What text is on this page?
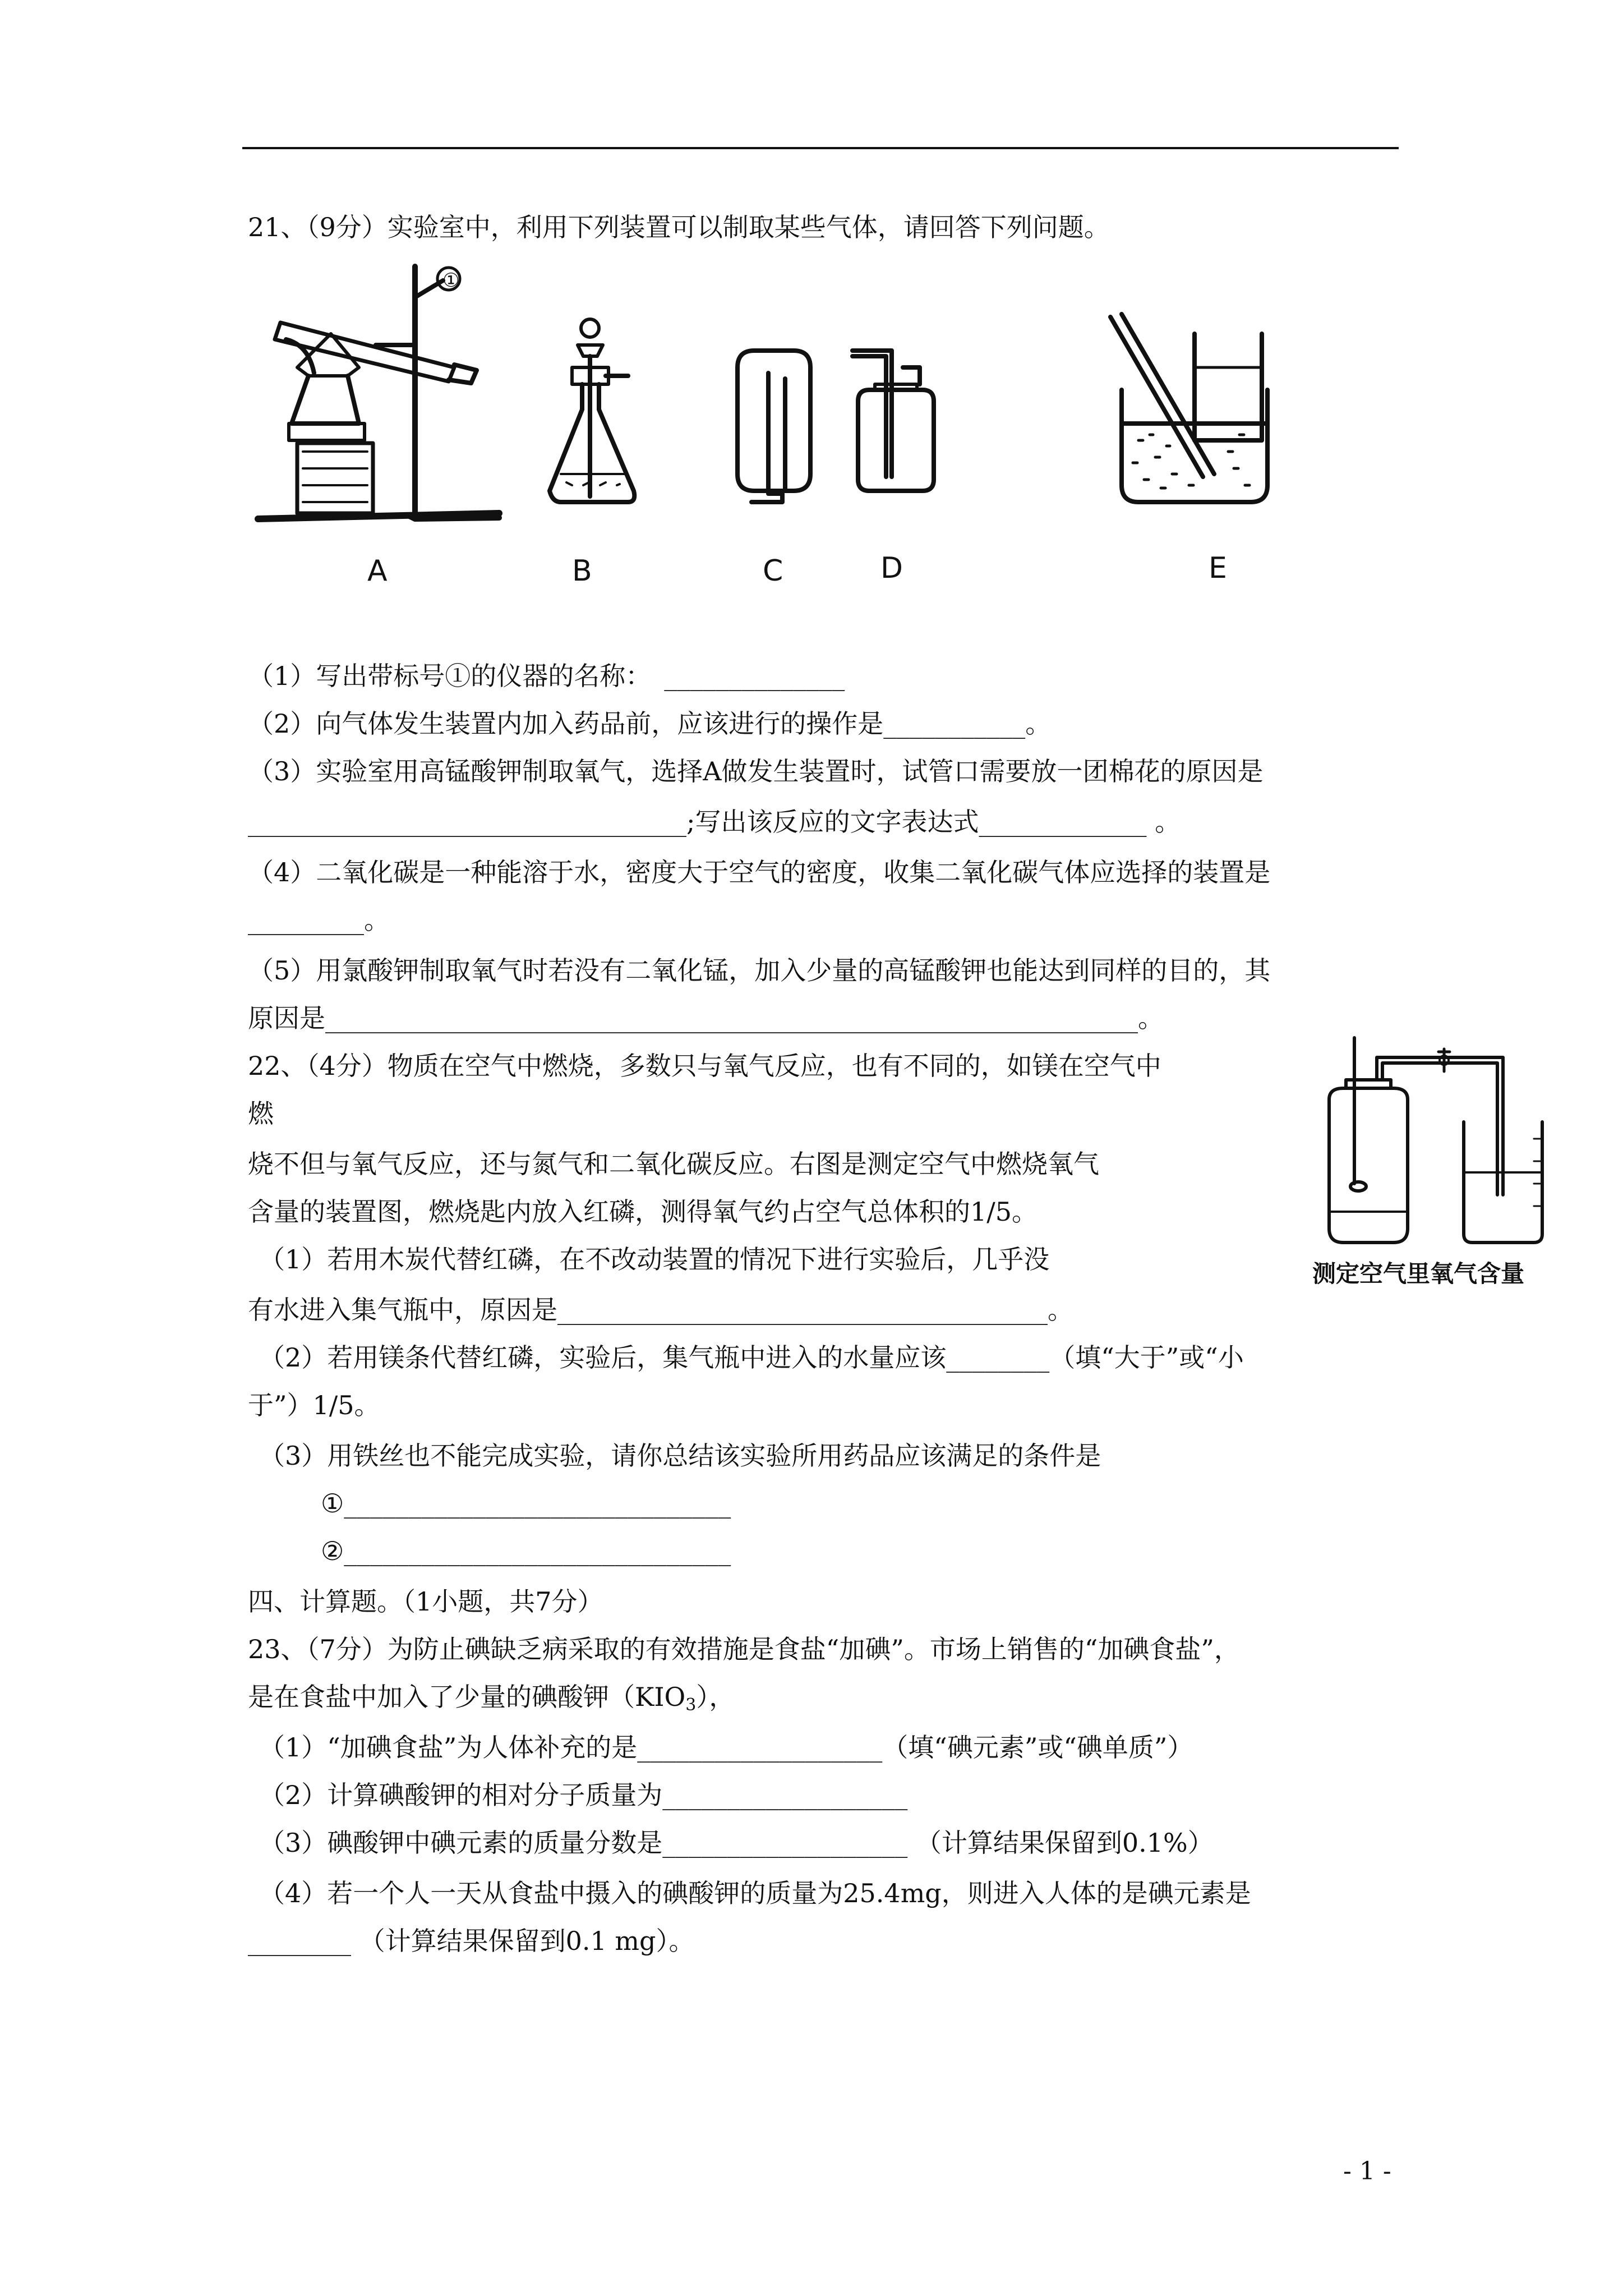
21、（9分）实验室中，利用下列装置可以制取某些气体，请回答下列问题。
①
A	B	C	D	E
（1）写出带标号①的仪器的名称：　______________
（2）向气体发生装置内加入药品前，应该进行的操作是___________。
（3）实验室用高锰酸钾制取氧气，选择A做发生装置时，试管口需要放一团棉花的原因是
__________________________________;写出该反应的文字表达式_____________ 。
（4）二氧化碳是一种能溶于水，密度大于空气的密度，收集二氧化碳气体应选择的装置是
_________。
（5）用氯酸钾制取氧气时若没有二氧化锰，加入少量的高锰酸钾也能达到同样的目的，其
原因是_______________________________________________________________。
22、（4分）物质在空气中燃烧，多数只与氧气反应，也有不同的，如镁在空气中
燃
烧不但与氧气反应，还与氮气和二氧化碳反应。右图是测定空气中燃烧氧气
含量的装置图，燃烧匙内放入红磷，测得氧气约占空气总体积的1/5。
（1）若用木炭代替红磷，在不改动装置的情况下进行实验后，几乎没
有水进入集气瓶中，原因是______________________________________。
测定空气里氧气含量
（2）若用镁条代替红磷，实验后，集气瓶中进入的水量应该________（填“大于”或“小
于”）1/5。
（3）用铁丝也不能完成实验，请你总结该实验所用药品应该满足的条件是
①______________________________
②______________________________
四、计算题。（1小题，共7分）
23、（7分）为防止碘缺乏病采取的有效措施是食盐“加碘”。市场上销售的“加碘食盐”，
是在食盐中加入了少量的碘酸钾$(KIO_3)$，
（1）“加碘食盐”为人体补充的是___________________（填“碘元素”或“碘单质”）
（2）计算碘酸钾的相对分子质量为___________________
（3）碘酸钾中碘元素的质量分数是___________________ （计算结果保留到0.1%）
（4）若一个人一天从食盐中摄入的碘酸钾的质量为25.4mg，则进入人体的是碘元素是
________ （计算结果保留到0.1 mg）。
- 1 -
